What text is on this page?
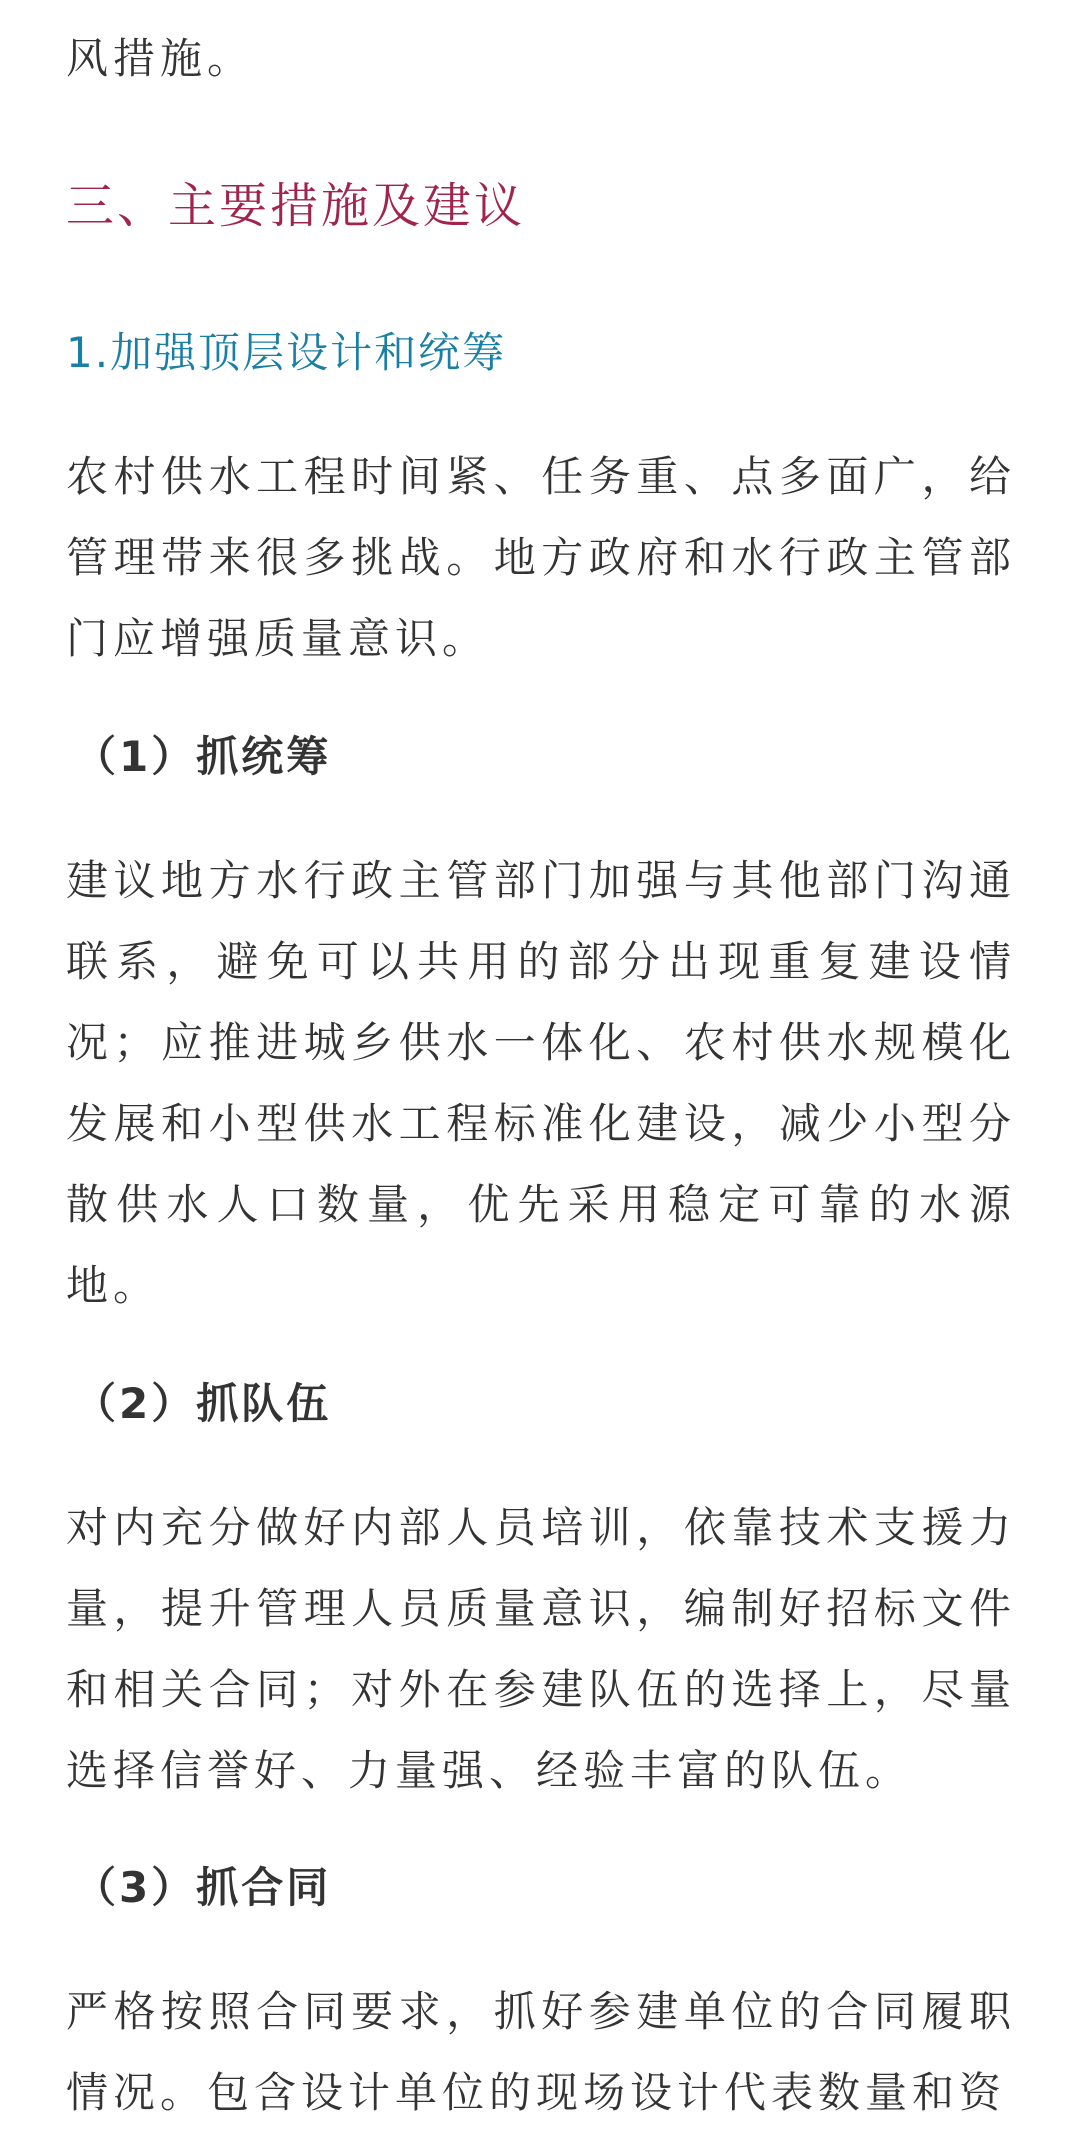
风措施。

三、主要措施及建议
1.加强顶层设计和统筹

农村供水工程时间紧、任务重、点多面广，给管理带来很多挑战。地方政府和水行政主管部门应增强质量意识。

（1）抓统筹

建议地方水行政主管部门加强与其他部门沟通联系，避免可以共用的部分出现重复建设情况；应推进城乡供水一体化、农村供水规模化发展和小型供水工程标准化建设，减少小型分散供水人口数量，优先采用稳定可靠的水源地。

（2）抓队伍

对内充分做好内部人员培训，依靠技术支援力量，提升管理人员质量意识，编制好招标文件和相关合同；对外在参建队伍的选择上，尽量选择信誉好、力量强、经验丰富的队伍。

（3）抓合同

严格按照合同要求，抓好参建单位的合同履职情况。包含设计单位的现场设计代表数量和资
